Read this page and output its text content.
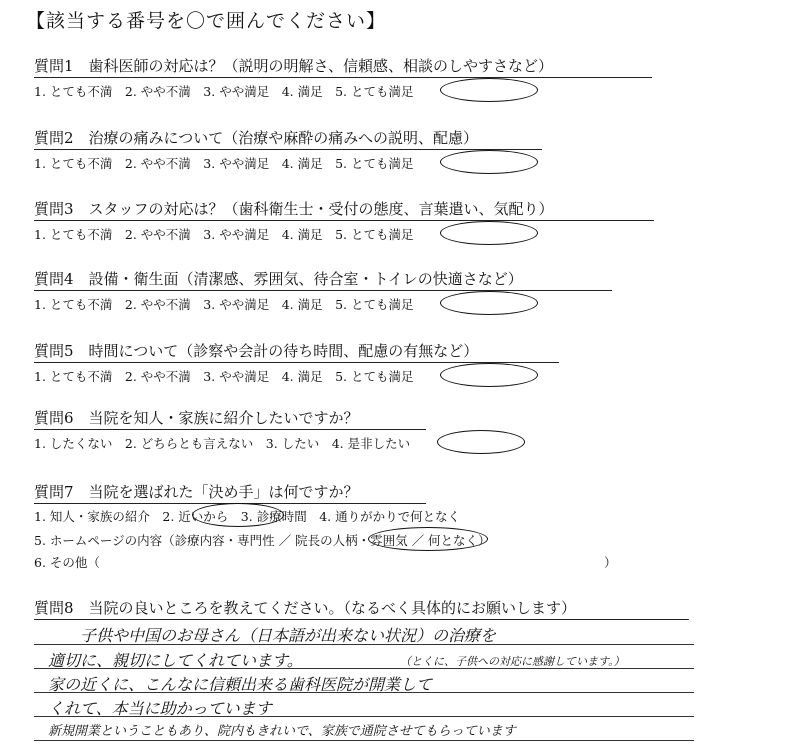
【該当する番号を〇で囲んでください】
質問1　歯科医師の対応は？（説明の明解さ、信頼感、相談のしやすさなど）
1. とても不満　2. やや不満　3. やや満足　4. 満足　5. とても満足
質問2　治療の痛みについて（治療や麻酔の痛みへの説明、配慮）
1. とても不満　2. やや不満　3. やや満足　4. 満足　5. とても満足
質問3　スタッフの対応は？（歯科衛生士・受付の態度、言葉遣い、気配り）
1. とても不満　2. やや不満　3. やや満足　4. 満足　5. とても満足
質問4　設備・衛生面（清潔感、雰囲気、待合室・トイレの快適さなど）
1. とても不満　2. やや不満　3. やや満足　4. 満足　5. とても満足
質問5　時間について（診察や会計の待ち時間、配慮の有無など）
1. とても不満　2. やや不満　3. やや満足　4. 満足　5. とても満足
質問6　当院を知人・家族に紹介したいですか？
1. したくない　2. どちらとも言えない　3. したい　4. 是非したい
質問7　当院を選ばれた「決め手」は何ですか？
1. 知人・家族の紹介　2. 近いから　3. 診療時間　4. 通りがかりで何となく
5. ホームページの内容（診療内容・専門性 ／ 院長の人柄・雰囲気 ／ 何となく）
6. その他（	）
質問8　当院の良いところを教えてください。（なるべく具体的にお願いします）
子供や中国のお母さん（日本語が出来ない状況）の治療を
適切に、親切にしてくれています。	（とくに、子供への対応に感謝しています。）
家の近くに、こんなに信頼出来る歯科医院が開業して
くれて、本当に助かっています
新規開業ということもあり、院内もきれいで、家族で通院させてもらっています
